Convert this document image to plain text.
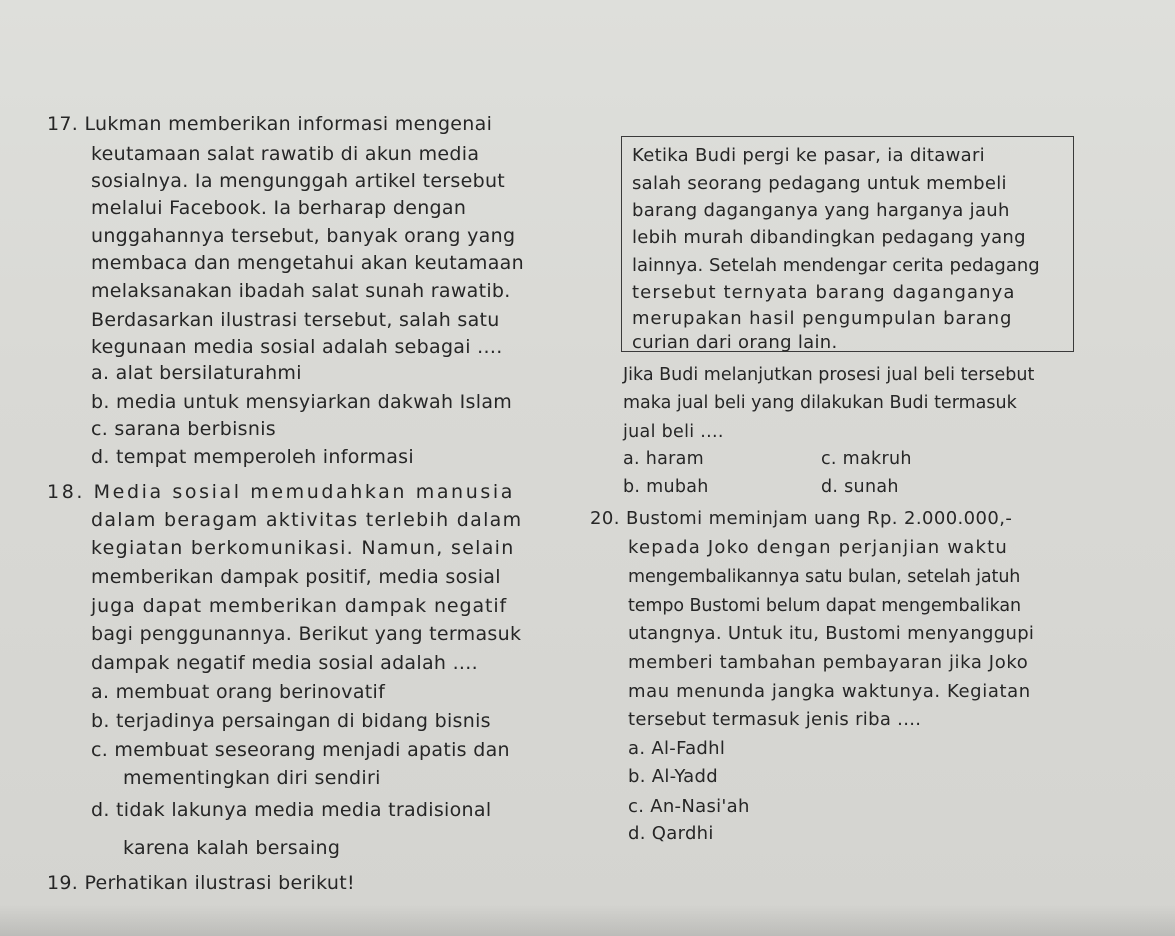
17. Lukman memberikan informasi mengenai
keutamaan salat rawatib di akun media
sosialnya. Ia mengunggah artikel tersebut
melalui Facebook. Ia berharap dengan
unggahannya tersebut, banyak orang yang
membaca dan mengetahui akan keutamaan
melaksanakan ibadah salat sunah rawatib.
Berdasarkan ilustrasi tersebut, salah satu
kegunaan media sosial adalah sebagai ....
a. alat bersilaturahmi
b. media untuk mensyiarkan dakwah Islam
c. sarana berbisnis
d. tempat memperoleh informasi
18. Media sosial memudahkan manusia
dalam beragam aktivitas terlebih dalam
kegiatan berkomunikasi. Namun, selain
memberikan dampak positif, media sosial
juga dapat memberikan dampak negatif
bagi penggunannya. Berikut yang termasuk
dampak negatif media sosial adalah ....
a. membuat orang berinovatif
b. terjadinya persaingan di bidang bisnis
c. membuat seseorang menjadi apatis dan
mementingkan diri sendiri
d. tidak lakunya media media tradisional
karena kalah bersaing
19. Perhatikan ilustrasi berikut!
Ketika Budi pergi ke pasar, ia ditawari
salah seorang pedagang untuk membeli
barang daganganya yang harganya jauh
lebih murah dibandingkan pedagang yang
lainnya. Setelah mendengar cerita pedagang
tersebut ternyata barang daganganya
merupakan hasil pengumpulan barang
curian dari orang lain.
Jika Budi melanjutkan prosesi jual beli tersebut
maka jual beli yang dilakukan Budi termasuk
jual beli ....
a. haram	c. makruh
b. mubah	d. sunah
20. Bustomi meminjam uang Rp. 2.000.000,-
kepada Joko dengan perjanjian waktu
mengembalikannya satu bulan, setelah jatuh
tempo Bustomi belum dapat mengembalikan
utangnya. Untuk itu, Bustomi menyanggupi
memberi tambahan pembayaran jika Joko
mau menunda jangka waktunya. Kegiatan
tersebut termasuk jenis riba ....
a. Al-Fadhl
b. Al-Yadd
c. An-Nasi'ah
d. Qardhi
